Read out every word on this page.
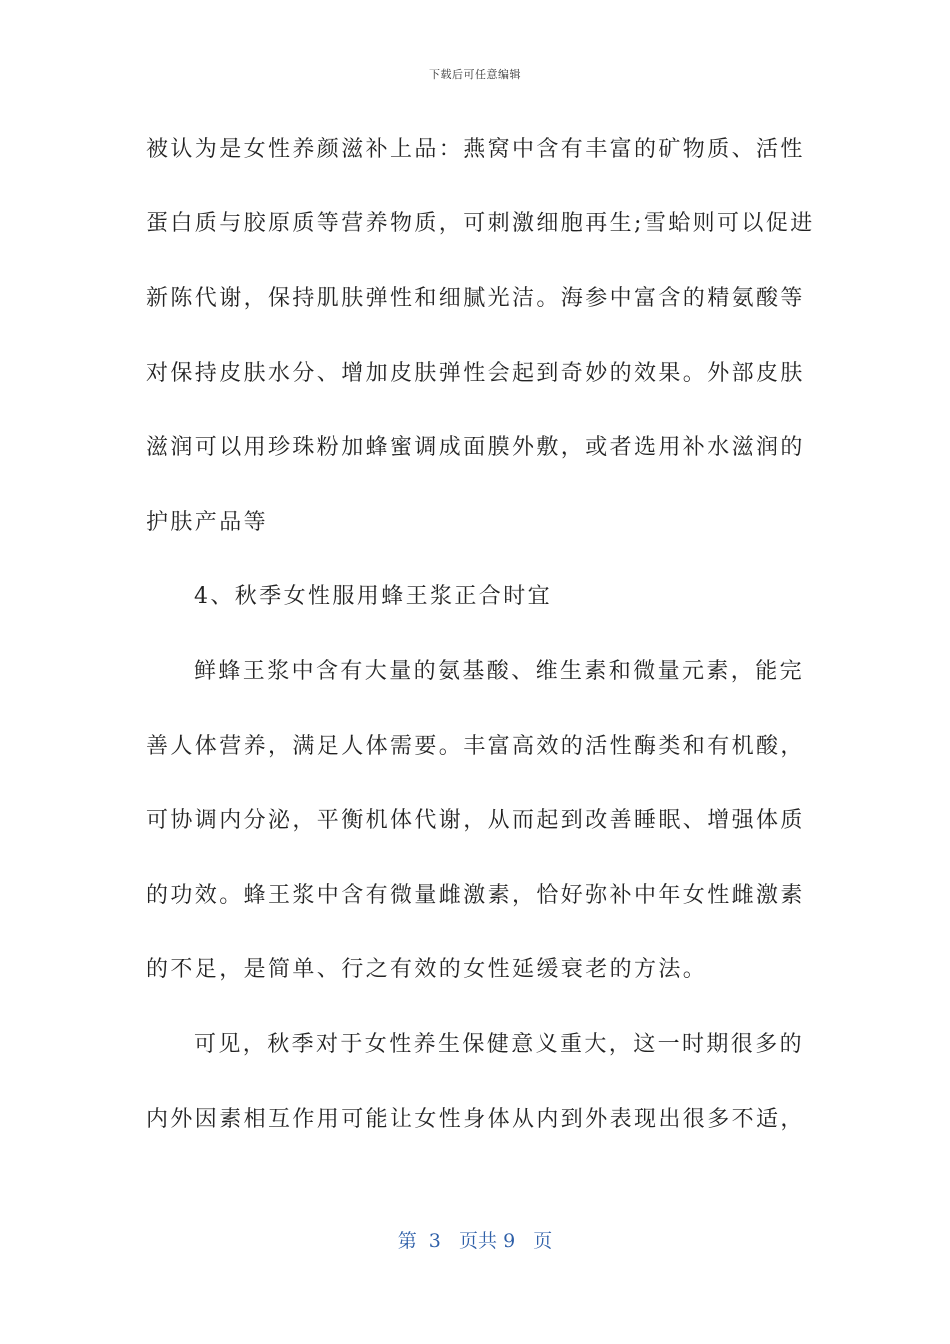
下载后可任意编辑
被认为是女性养颜滋补上品：燕窝中含有丰富的矿物质、活性
蛋白质与胶原质等营养物质，可刺激细胞再生;雪蛤则可以促进
新陈代谢，保持肌肤弹性和细腻光洁。海参中富含的精氨酸等
对保持皮肤水分、增加皮肤弹性会起到奇妙的效果。外部皮肤
滋润可以用珍珠粉加蜂蜜调成面膜外敷，或者选用补水滋润的
护肤产品等
4、秋季女性服用蜂王浆正合时宜
鲜蜂王浆中含有大量的氨基酸、维生素和微量元素，能完
善人体营养，满足人体需要。丰富高效的活性酶类和有机酸，
可协调内分泌，平衡机体代谢，从而起到改善睡眠、增强体质
的功效。蜂王浆中含有微量雌激素，恰好弥补中年女性雌激素
的不足，是简单、行之有效的女性延缓衰老的方法。
可见，秋季对于女性养生保健意义重大，这一时期很多的
内外因素相互作用可能让女性身体从内到外表现出很多不适，
第 3 页共 9 页
